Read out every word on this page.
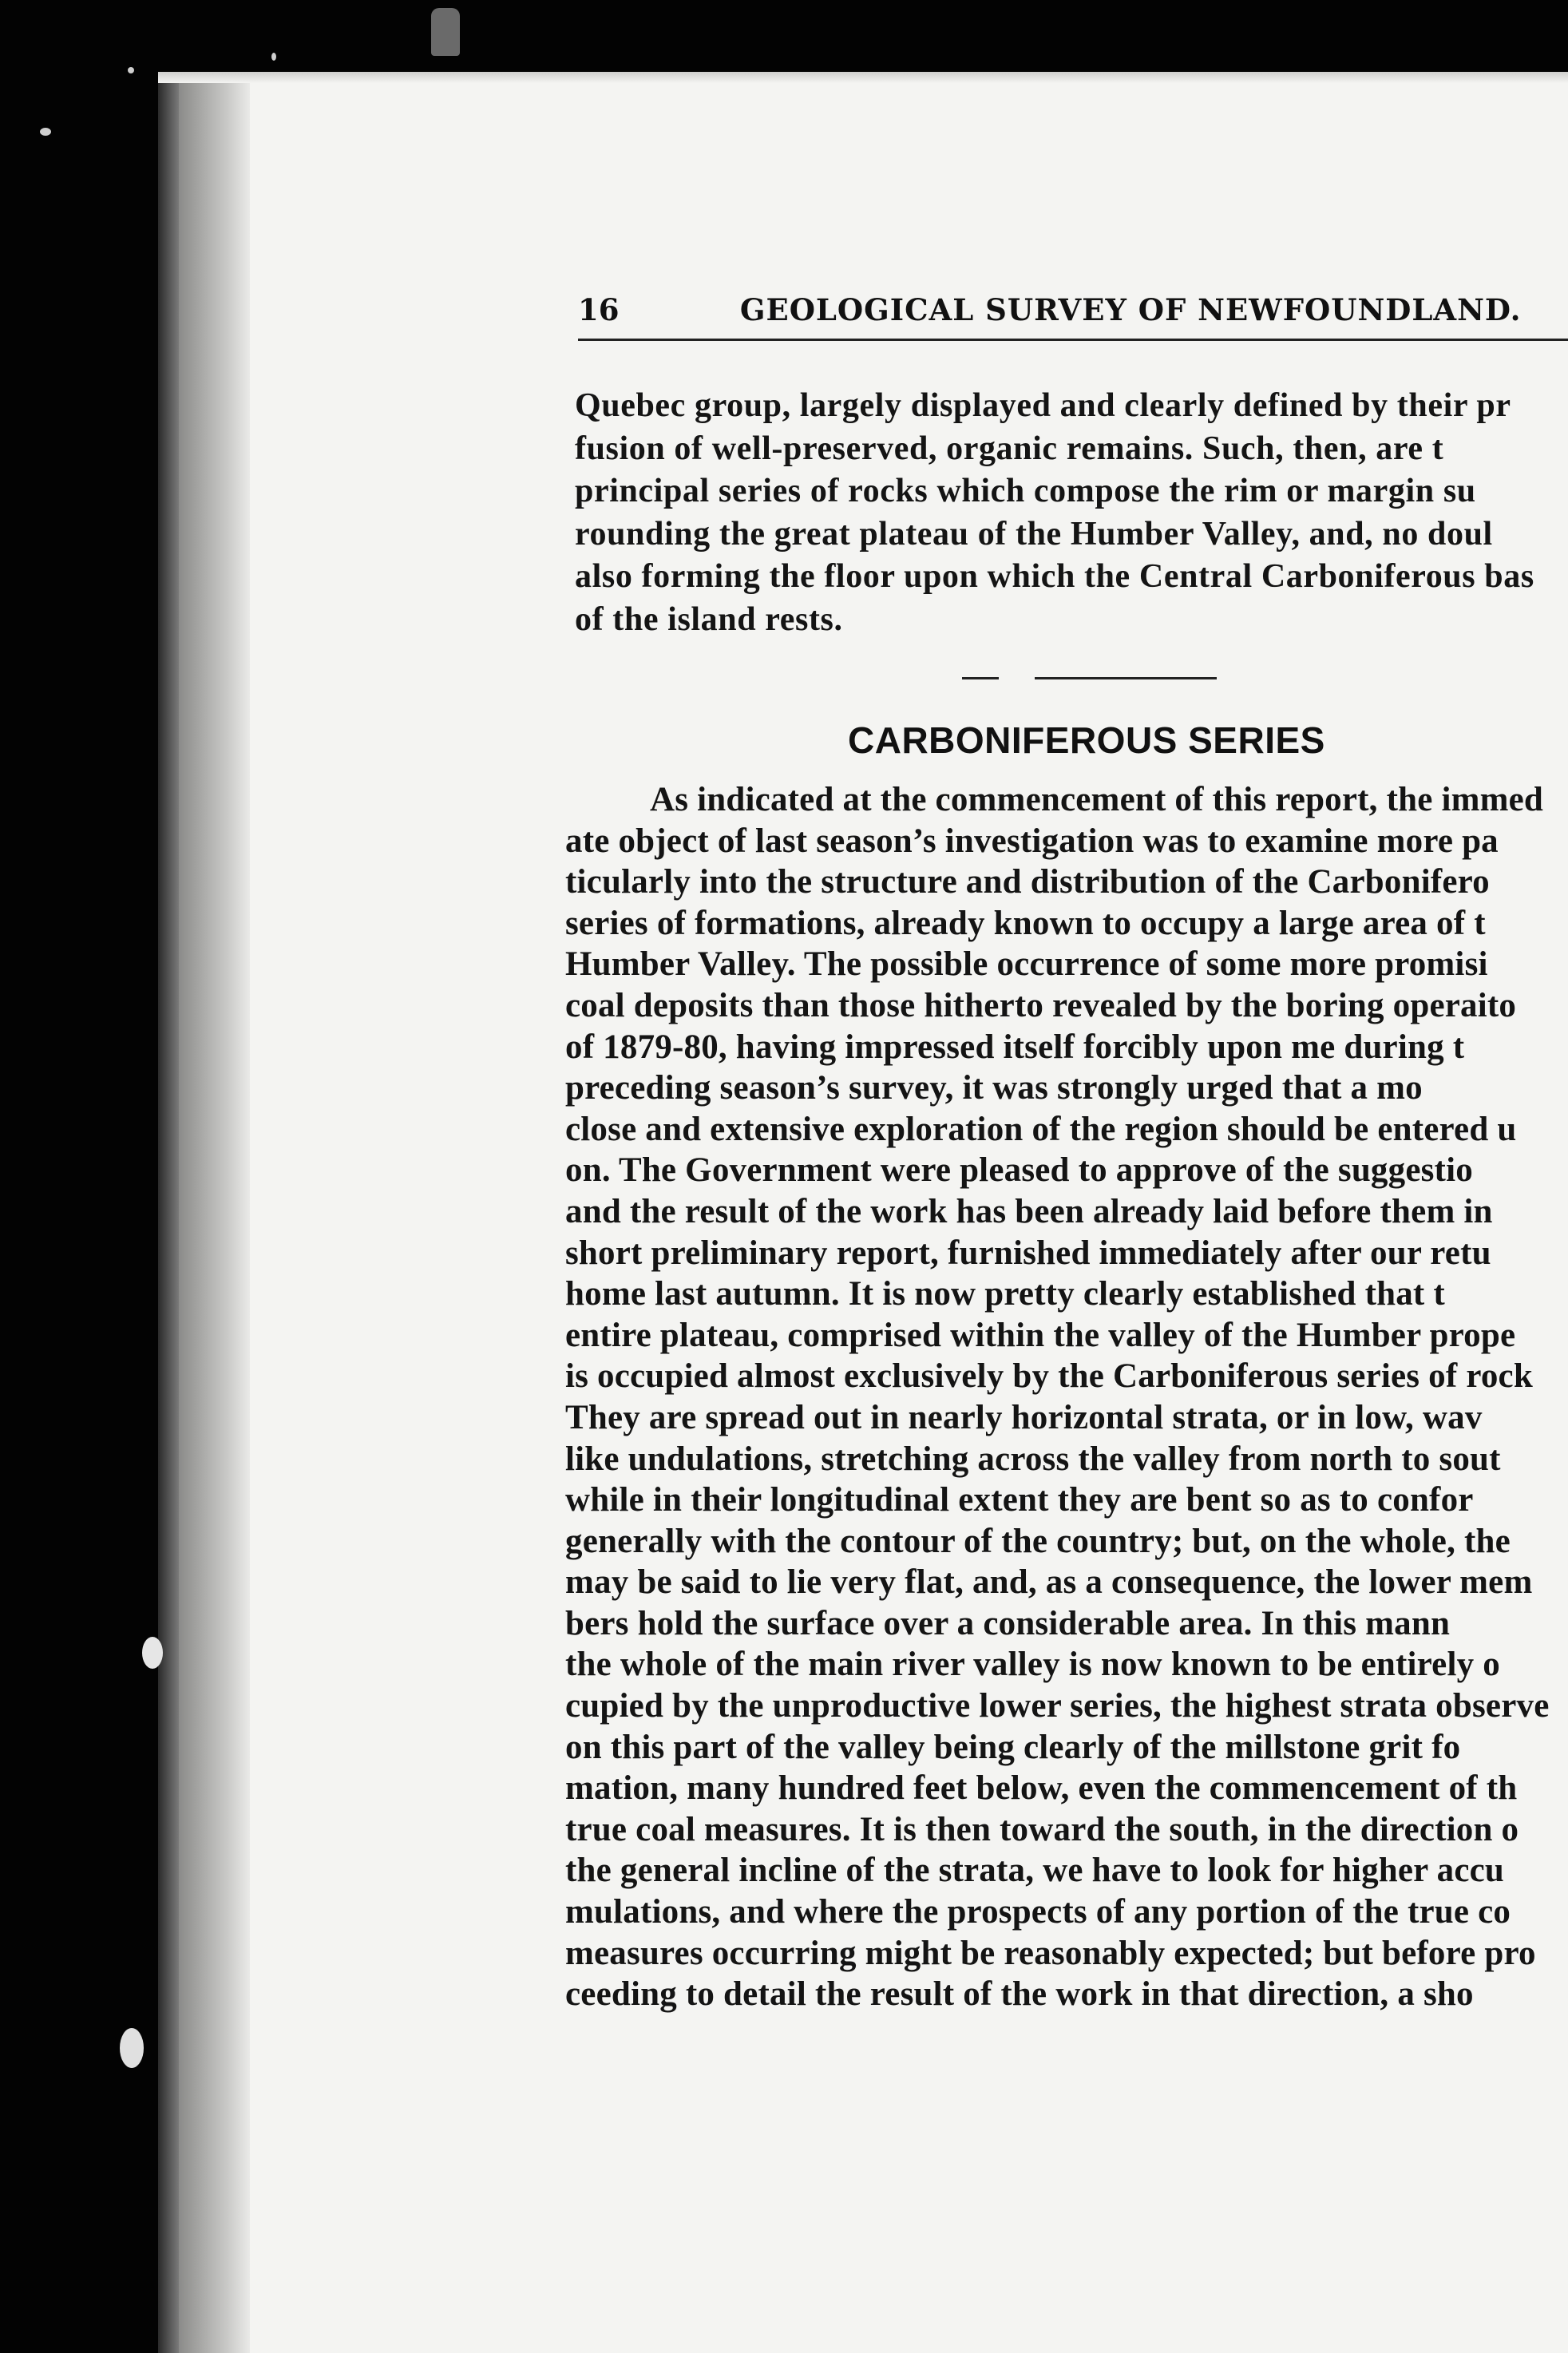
16	GEOLOGICAL SURVEY OF NEWFOUNDLAND.
Quebec group, largely displayed and clearly defined by their pr
fusion of well-preserved, organic remains. Such, then, are t
principal series of rocks which compose the rim or margin su
rounding the great plateau of the Humber Valley, and, no doul
also forming the floor upon which the Central Carboniferous bas
of the island rests.
CARBONIFEROUS SERIES
As indicated at the commencement of this report, the immed
ate object of last season’s investigation was to examine more pa
ticularly into the structure and distribution of the Carbonifero
series of formations, already known to occupy a large area of t
Humber Valley. The possible occurrence of some more promisi
coal deposits than those hitherto revealed by the boring operaito
of 1879-80, having impressed itself forcibly upon me during t
preceding season’s survey, it was strongly urged that a mo
close and extensive exploration of the region should be entered u
on. The Government were pleased to approve of the suggestio
and the result of the work has been already laid before them in
short preliminary report, furnished immediately after our retu
home last autumn. It is now pretty clearly established that t
entire plateau, comprised within the valley of the Humber prope
is occupied almost exclusively by the Carboniferous series of rock
They are spread out in nearly horizontal strata, or in low, wav
like undulations, stretching across the valley from north to sout
while in their longitudinal extent they are bent so as to confor
generally with the contour of the country; but, on the whole, the
may be said to lie very flat, and, as a consequence, the lower mem
bers hold the surface over a considerable area. In this mann
the whole of the main river valley is now known to be entirely o
cupied by the unproductive lower series, the highest strata observe
on this part of the valley being clearly of the millstone grit fo
mation, many hundred feet below, even the commencement of th
true coal measures. It is then toward the south, in the direction o
the general incline of the strata, we have to look for higher accu
mulations, and where the prospects of any portion of the true co
measures occurring might be reasonably expected; but before pro
ceeding to detail the result of the work in that direction, a sho
